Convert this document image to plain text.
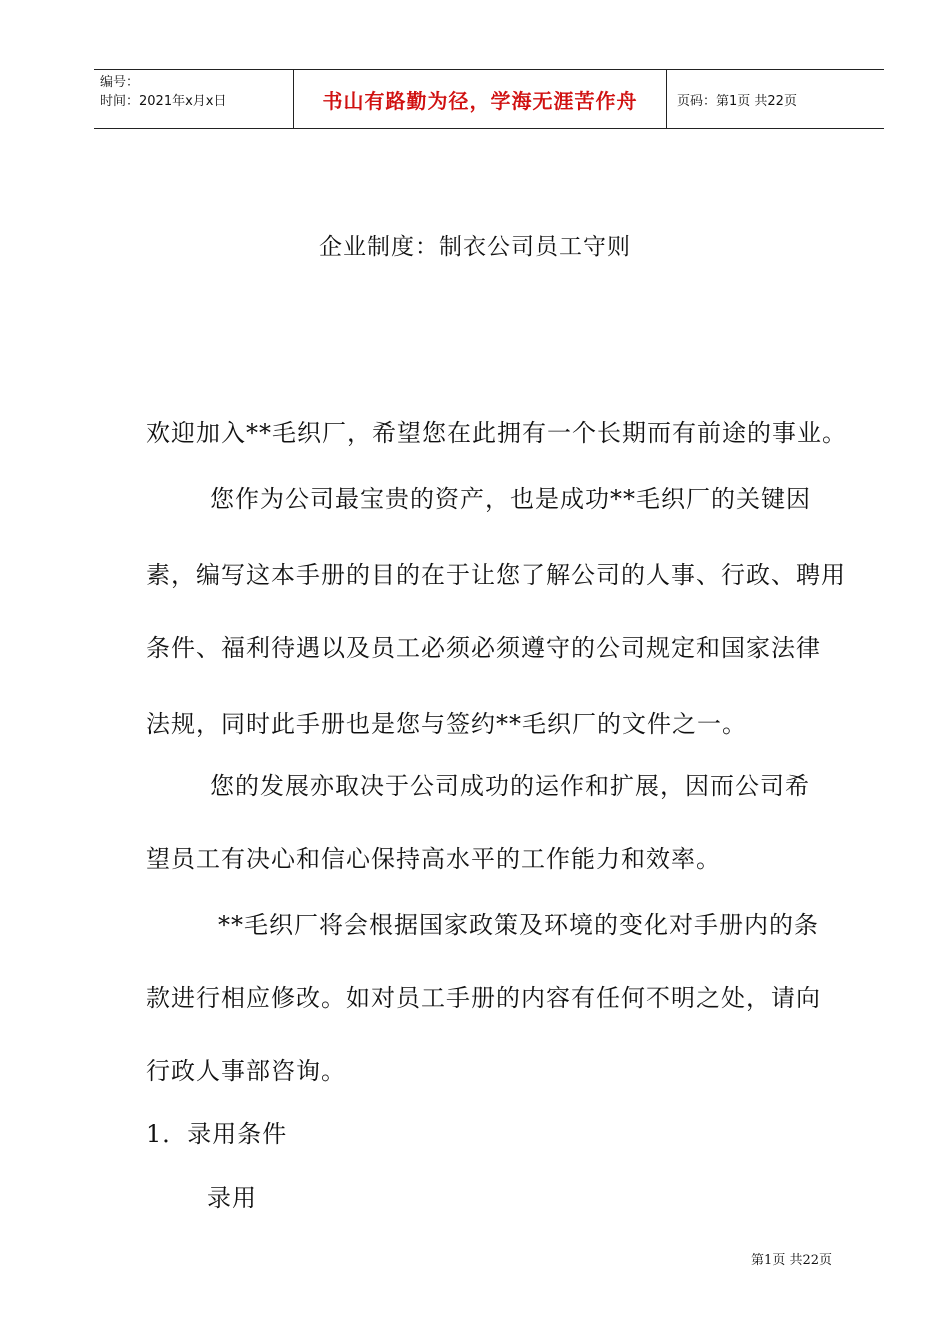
编号：
时间：2021年x月x日	书山有路勤为径，学海无涯苦作舟	页码：第1页 共22页
企业制度：制衣公司员工守则
欢迎加入**毛织厂，希望您在此拥有一个长期而有前途的事业。
您作为公司最宝贵的资产，也是成功**毛织厂的关键因
素，编写这本手册的目的在于让您了解公司的人事、行政、聘用
条件、福利待遇以及员工必须必须遵守的公司规定和国家法律
法规，同时此手册也是您与签约**毛织厂的文件之一。
您的发展亦取决于公司成功的运作和扩展，因而公司希
望员工有决心和信心保持高水平的工作能力和效率。
**毛织厂将会根据国家政策及环境的变化对手册内的条
款进行相应修改。如对员工手册的内容有任何不明之处，请向
行政人事部咨询。
1．录用条件
录用
第1页 共22页
